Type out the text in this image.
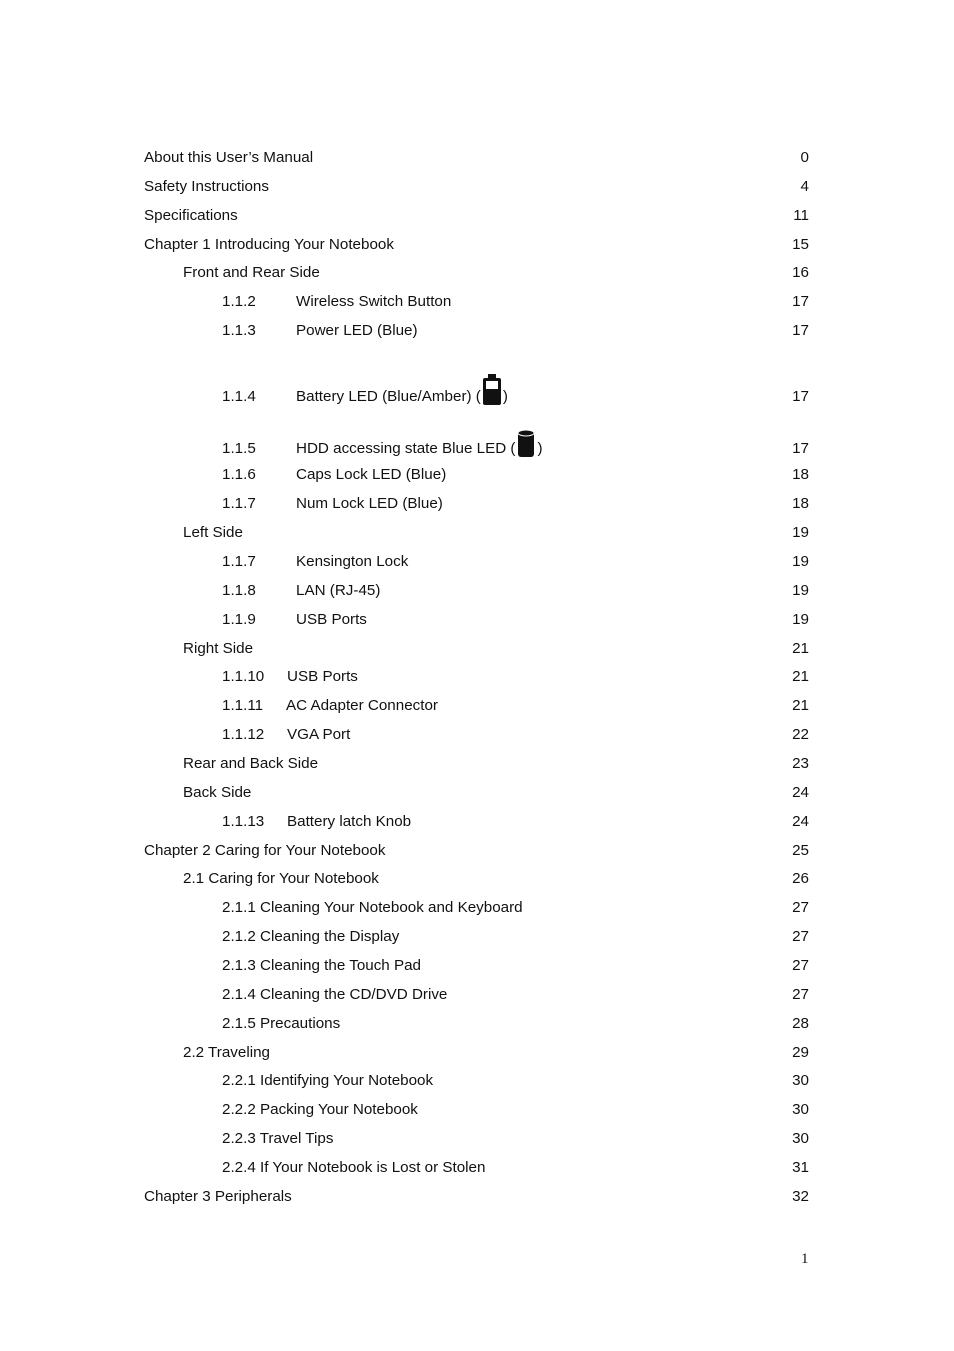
About this User’s Manual	0
Safety Instructions	4
Specifications	11
Chapter 1 Introducing Your Notebook	15
Front and Rear Side	16
1.1.2	Wireless Switch Button	17
1.1.3	Power LED (Blue)	17
1.1.4	Battery LED (Blue/Amber) ( )	17
1.1.5	HDD accessing state Blue LED ( )	17
1.1.6	Caps Lock LED (Blue)	18
1.1.7	Num Lock LED (Blue)	18
Left Side	19
1.1.7	Kensington Lock	19
1.1.8	LAN (RJ-45)	19
1.1.9	USB Ports	19
Right Side	21
1.1.10	USB Ports	21
1.1.11	AC Adapter Connector	21
1.1.12	VGA Port	22
Rear and Back Side	23
Back Side	24
1.1.13	Battery latch Knob	24
Chapter 2 Caring for Your Notebook	25
2.1 Caring for Your Notebook	26
2.1.1 Cleaning Your Notebook and Keyboard	27
2.1.2 Cleaning the Display	27
2.1.3 Cleaning the Touch Pad	27
2.1.4 Cleaning the CD/DVD Drive	27
2.1.5 Precautions	28
2.2 Traveling	29
2.2.1 Identifying Your Notebook	30
2.2.2 Packing Your Notebook	30
2.2.3 Travel Tips	30
2.2.4 If Your Notebook is Lost or Stolen	31
Chapter 3 Peripherals	32
1
